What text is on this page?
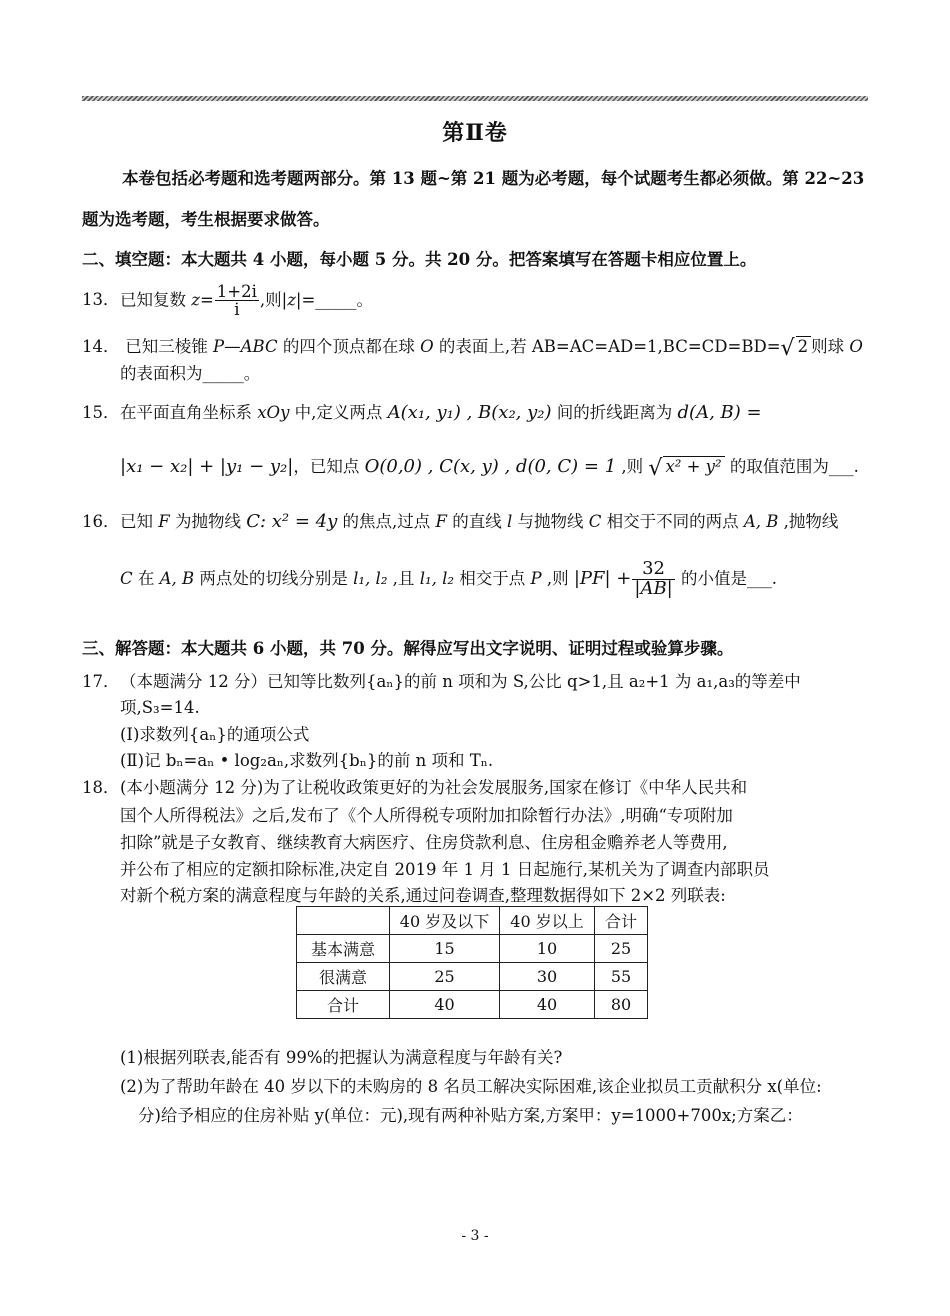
第Ⅱ卷
本卷包括必考题和选考题两部分。第 13 题~第 21 题为必考题，每个试题考生都必须做。第 22~23
题为选考题，考生根据要求做答。
二、填空题：本大题共 4 小题，每小题 5 分。共 20 分。把答案填写在答题卡相应位置上。
13．已知复数 $z= \frac{1+2i}{i}$ ,则|z|=_____。
14． 已知三棱锥 P—ABC 的四个顶点都在球 O 的表面上,若 AB=AC=AD=1,BC=CD=BD=√ 2 则球 O
的表面积为_____。
15．在平面直角坐标系 xOy 中,定义两点 A(x₁, y₁) , B(x₂, y₂) 间的折线距离为 d(A, B) =
|x₁ − x₂| + |y₁ − y₂|，已知点 O(0,0) , C(x, y) , d(0, C) = 1 ,则 √ x² + y² 的取值范围为___.
16．已知 F 为抛物线 C: x² = 4y 的焦点,过点 F 的直线 l 与抛物线 C 相交于不同的两点 A, B ,抛物线
C 在 A, B 两点处的切线分别是 l₁, l₂ ,且 l₁, l₂ 相交于点 P ,则 $|PF| + \frac{32}{|AB|}$ 的小值是___.
三、解答题：本大题共 6 小题，共 70 分。解得应写出文字说明、证明过程或验算步骤。
17．（本题满分 12 分）已知等比数列{aₙ}的前 n 项和为 S,公比 q>1,且 a₂+1 为 a₁,a₃的等差中
项,S₃=14.
(I)求数列{aₙ}的通项公式
(Ⅱ)记 bₙ=aₙ • log₂aₙ,求数列{bₙ}的前 n 项和 Tₙ.
18．(本小题满分 12 分)为了让税收政策更好的为社会发展服务,国家在修订《中华人民共和
国个人所得税法》之后,发布了《个人所得税专项附加扣除暂行办法》,明确“专项附加
扣除”就是子女教育、继续教育大病医疗、住房贷款利息、住房租金赡养老人等费用,
并公布了相应的定额扣除标准,决定自 2019 年 1 月 1 日起施行,某机关为了调查内部职员
对新个税方案的满意程度与年龄的关系,通过问卷调查,整理数据得如下 2×2 列联表:
	40 岁及以下	40 岁以上	合计
基本满意	15	10	25
很满意	25	30	55
合计	40	40	80
(1)根据列联表,能否有 99%的把握认为满意程度与年龄有关?
(2)为了帮助年龄在 40 岁以下的未购房的 8 名员工解决实际困难,该企业拟员工贡献积分 x(单位:
分)给予相应的住房补贴 y(单位：元),现有两种补贴方案,方案甲：y=1000+700x;方案乙：
- 3 -
